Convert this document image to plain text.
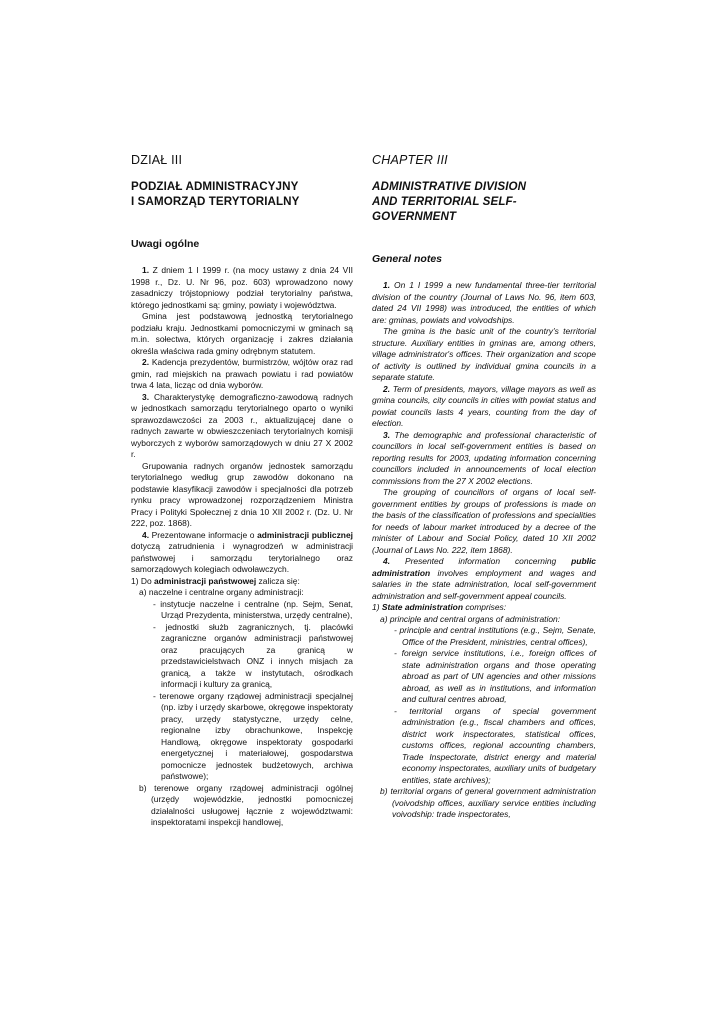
DZIAŁ III
PODZIAŁ ADMINISTRACYJNY
I SAMORZĄD TERYTORIALNY
Uwagi ogólne

1. Z dniem 1 I 1999 r. (na mocy ustawy z dnia 24 VII 1998 r., Dz. U. Nr 96, poz. 603) wprowadzono nowy zasadniczy trójstopniowy podział terytorialny państwa, którego jednostkami są: gminy, powiaty i województwa.

Gmina jest podstawową jednostką terytorialnego podziału kraju. Jednostkami pomocniczymi w gminach są m.in. sołectwa, których organizację i zakres działania określa właściwa rada gminy odrębnym statutem.

2. Kadencja prezydentów, burmistrzów, wójtów oraz rad gmin, rad miejskich na prawach powiatu i rad powiatów trwa 4 lata, licząc od dnia wyborów.

3. Charakterystykę demograficzno-zawodową radnych w jednostkach samorządu terytorialnego oparto o wyniki sprawozdawczości za 2003 r., aktualizującej dane o radnych zawarte w obwieszczeniach terytorialnych komisji wyborczych z wyborów samorządowych w dniu 27 X 2002 r.

Grupowania radnych organów jednostek samorządu terytorialnego według grup zawodów dokonano na podstawie klasyfikacji zawodów i specjalności dla potrzeb rynku pracy wprowadzonej rozporządzeniem Ministra Pracy i Polityki Społecznej z dnia 10 XII 2002 r. (Dz. U. Nr 222, poz. 1868).

4. Prezentowane informacje o administracji publicznej dotyczą zatrudnienia i wynagrodzeń w administracji państwowej i samorządu terytorialnego oraz samorządowych kolegiach odwoławczych.

1) Do administracji państwowej zalicza się:

a) naczelne i centralne organy administracji:

- instytucje naczelne i centralne (np. Sejm, Senat, Urząd Prezydenta, ministerstwa, urzędy centralne),

- jednostki służb zagranicznych, tj. placówki zagraniczne organów administracji państwowej oraz pracujących za granicą w przedstawicielstwach ONZ i innych misjach za granicą, a także w instytutach, ośrodkach informacji i kultury za granicą,

- terenowe organy rządowej administracji specjalnej (np. izby i urzędy skarbowe, okręgowe inspektoraty pracy, urzędy statystyczne, urzędy celne, regionalne izby obrachunkowe, Inspekcję Handlową, okręgowe inspektoraty gospodarki energetycznej i materiałowej, gospodarstwa pomocnicze jednostek budżetowych, archiwa państwowe);

b) terenowe organy rządowej administracji ogólnej (urzędy wojewódzkie, jednostki pomocniczej działalności usługowej łącznie z województwami: inspektoratami inspekcji handlowej,

CHAPTER III
ADMINISTRATIVE DIVISION
AND TERRITORIAL SELF-GOVERNMENT
General notes

1. On 1 I 1999 a new fundamental three-tier territorial division of the country (Journal of Laws No. 96, item 603, dated 24 VII 1998) was introduced, the entities of which are: gminas, powiats and voivodships.

The gmina is the basic unit of the country's territorial structure. Auxiliary entities in gminas are, among others, village administrator's offices. Their organization and scope of activity is outlined by individual gmina councils in a separate statute.

2. Term of presidents, mayors, village mayors as well as gmina councils, city councils in cities with powiat status and powiat councils lasts 4 years, counting from the day of election.

3. The demographic and professional characteristic of councillors in local self-government entities is based on reporting results for 2003, updating information concerning councillors included in announcements of local election commissions from the 27 X 2002 elections.

The grouping of councillors of organs of local self-government entities by groups of professions is made on the basis of the classification of professions and specialities for needs of labour market introduced by a decree of the minister of Labour and Social Policy, dated 10 XII 2002 (Journal of Laws No. 222, item 1868).

4. Presented information concerning public administration involves employment and wages and salaries in the state administration, local self-government administration and self-government appeal councils.

1) State administration comprises:

a) principle and central organs of administration:

- principle and central institutions (e.g., Sejm, Senate, Office of the President, ministries, central offices),

- foreign service institutions, i.e., foreign offices of state administration organs and those operating abroad as part of UN agencies and other missions abroad, as well as in institutions, and information and cultural centres abroad,

- territorial organs of special government administration (e.g., fiscal chambers and offices, district work inspectorates, statistical offices, customs offices, regional accounting chambers, Trade Inspectorate, district energy and material economy inspectorates, auxiliary units of budgetary entities, state archives);

b) territorial organs of general government administration (voivodship offices, auxiliary service entities including voivodship: trade inspectorates,
